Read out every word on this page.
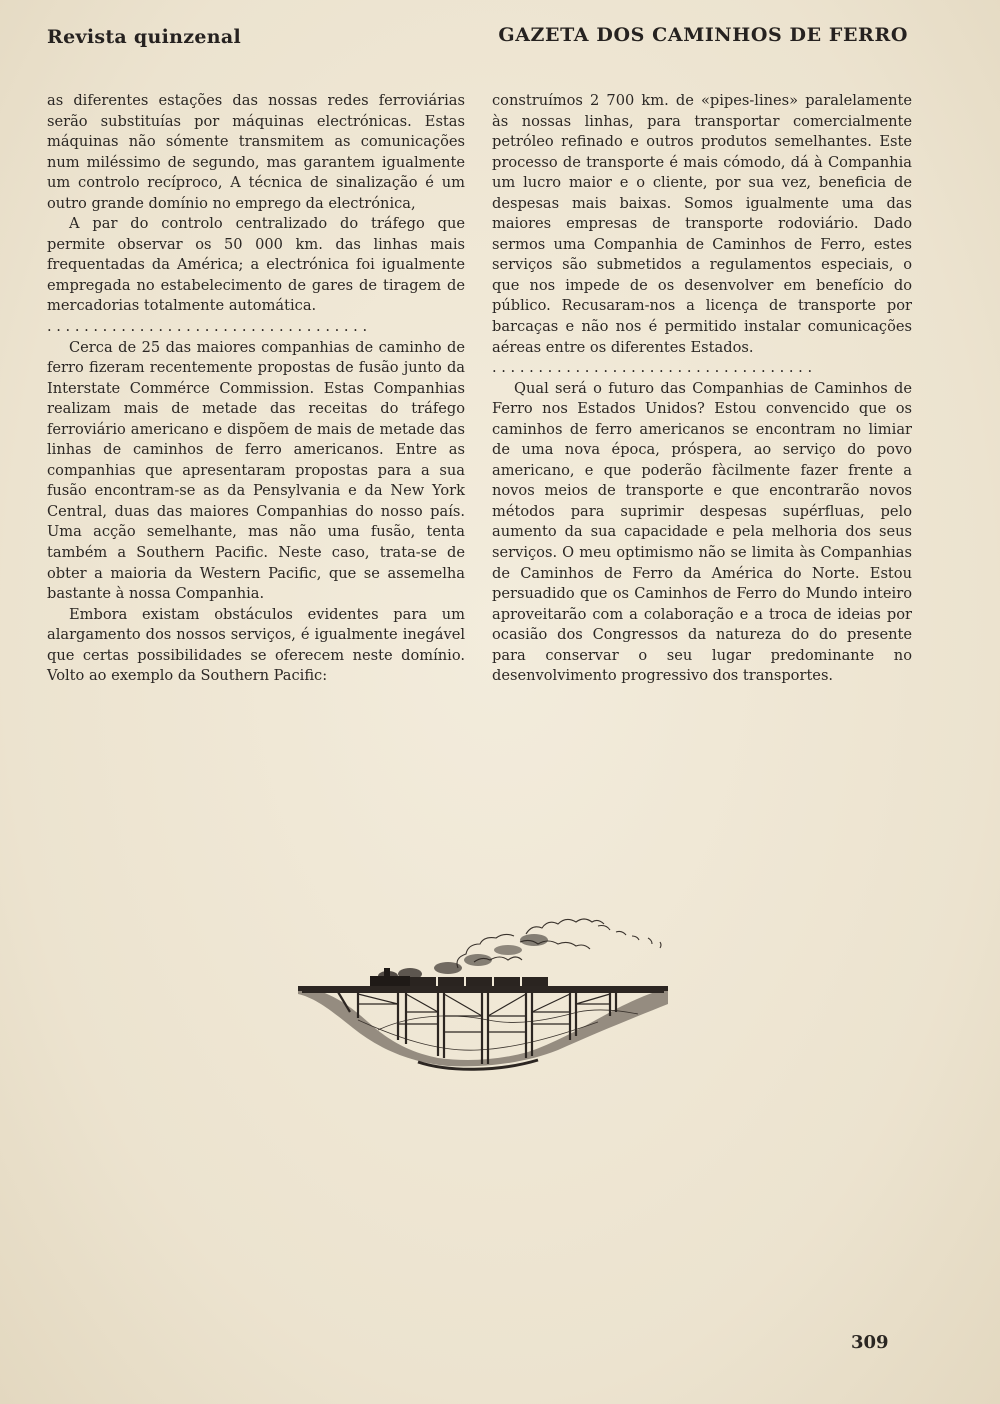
Revista quinzenal	GAZETA DOS CAMINHOS DE FERRO

as diferentes estações das nossas redes ferroviárias serão substituías por máquinas electrónicas. Estas máquinas não sómente transmitem as comunicações num miléssimo de segundo, mas garantem igualmente um controlo recíproco, A técnica de sinalização é um outro grande domínio no emprego da electrónica,

A par do controlo centralizado do tráfego que permite observar os 50 000 km. das linhas mais frequentadas da América; a electrónica foi igualmente empregada no estabelecimento de gares de tiragem de mercadorias totalmente automática.

. . . . . . . . . . . . . . . . . . . . . . . . . . . . . . . . . . .

Cerca de 25 das maiores companhias de caminho de ferro fizeram recentemente propostas de fusão junto da Interstate Commérce Commission. Estas Companhias realizam mais de metade das receitas do tráfego ferroviário americano e dispõem de mais de metade das linhas de caminhos de ferro americanos. Entre as companhias que apresentaram propostas para a sua fusão encontram-se as da Pensylvania e da New York Central, duas das maiores Companhias do nosso país. Uma acção semelhante, mas não uma fusão, tenta também a Southern Pacific. Neste caso, trata-se de obter a maioria da Western Pacific, que se assemelha bastante à nossa Companhia.

Embora existam obstáculos evidentes para um alargamento dos nossos serviços, é igualmente inegável que certas possibilidades se oferecem neste domínio. Volto ao exemplo da Southern Pacific:

construímos 2 700 km. de «pipes-lines» paralelamente às nossas linhas, para transportar comercialmente petróleo refinado e outros produtos semelhantes. Este processo de transporte é mais cómodo, dá à Companhia um lucro maior e o cliente, por sua vez, beneficia de despesas mais baixas. Somos igualmente uma das maiores empresas de transporte rodoviário. Dado sermos uma Companhia de Caminhos de Ferro, estes serviços são submetidos a regulamentos especiais, o que nos impede de os desenvolver em benefício do público. Recusaram-nos a licença de transporte por barcaças e não nos é permitido instalar comunicações aéreas entre os diferentes Estados.

. . . . . . . . . . . . . . . . . . . . . . . . . . . . . . . . . . .

Qual será o futuro das Companhias de Caminhos de Ferro nos Estados Unidos? Estou convencido que os caminhos de ferro americanos se encontram no limiar de uma nova época, próspera, ao serviço do povo americano, e que poderão fàcilmente fazer frente a novos meios de transporte e que encontrarão novos métodos para suprimir despesas supérfluas, pelo aumento da sua capacidade e pela melhoria dos seus serviços. O meu optimismo não se limita às Companhias de Caminhos de Ferro da América do Norte. Estou persuadido que os Caminhos de Ferro do Mundo inteiro aproveitarão com a colaboração e a troca de ideias por ocasião dos Congressos da natureza do do presente para conservar o seu lugar predominante no desenvolvimento progressivo dos transportes.

309
